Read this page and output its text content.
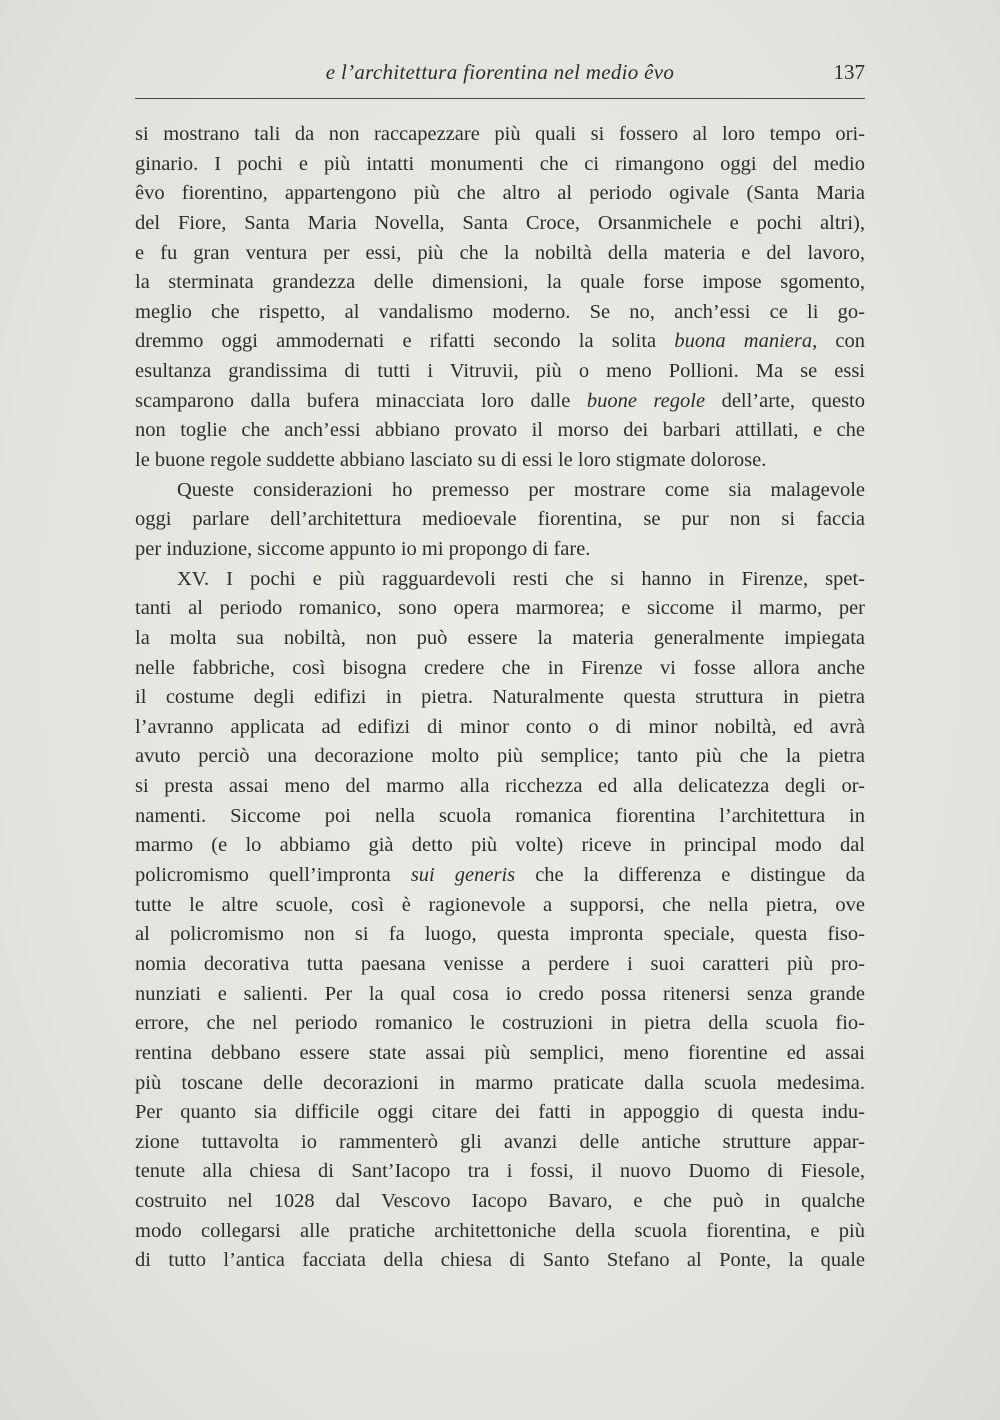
e l’architettura fiorentina nel medio êvo	137
si mostrano tali da non raccapezzare più quali si fossero al loro tempo ori-
ginario. I pochi e più intatti monumenti che ci rimangono oggi del medio
êvo fiorentino, appartengono più che altro al periodo ogivale (Santa Maria
del Fiore, Santa Maria Novella, Santa Croce, Orsanmichele e pochi altri),
e fu gran ventura per essi, più che la nobiltà della materia e del lavoro,
la sterminata grandezza delle dimensioni, la quale forse impose sgomento,
meglio che rispetto, al vandalismo moderno. Se no, anch’essi ce li go-
dremmo oggi ammodernati e rifatti secondo la solita buona maniera, con
esultanza grandissima di tutti i Vitruvii, più o meno Pollioni. Ma se essi
scamparono dalla bufera minacciata loro dalle buone regole dell’arte, questo
non toglie che anch’essi abbiano provato il morso dei barbari attillati, e che
le buone regole suddette abbiano lasciato su di essi le loro stigmate dolorose.
Queste considerazioni ho premesso per mostrare come sia malagevole
oggi parlare dell’architettura medioevale fiorentina, se pur non si faccia
per induzione, siccome appunto io mi propongo di fare.
XV. I pochi e più ragguardevoli resti che si hanno in Firenze, spet-
tanti al periodo romanico, sono opera marmorea; e siccome il marmo, per
la molta sua nobiltà, non può essere la materia generalmente impiegata
nelle fabbriche, così bisogna credere che in Firenze vi fosse allora anche
il costume degli edifizi in pietra. Naturalmente questa struttura in pietra
l’avranno applicata ad edifizi di minor conto o di minor nobiltà, ed avrà
avuto perciò una decorazione molto più semplice; tanto più che la pietra
si presta assai meno del marmo alla ricchezza ed alla delicatezza degli or-
namenti. Siccome poi nella scuola romanica fiorentina l’architettura in
marmo (e lo abbiamo già detto più volte) riceve in principal modo dal
policromismo quell’impronta sui generis che la differenza e distingue da
tutte le altre scuole, così è ragionevole a supporsi, che nella pietra, ove
al policromismo non si fa luogo, questa impronta speciale, questa fiso-
nomia decorativa tutta paesana venisse a perdere i suoi caratteri più pro-
nunziati e salienti. Per la qual cosa io credo possa ritenersi senza grande
errore, che nel periodo romanico le costruzioni in pietra della scuola fio-
rentina debbano essere state assai più semplici, meno fiorentine ed assai
più toscane delle decorazioni in marmo praticate dalla scuola medesima.
Per quanto sia difficile oggi citare dei fatti in appoggio di questa indu-
zione tuttavolta io rammenterò gli avanzi delle antiche strutture appar-
tenute alla chiesa di Sant’Iacopo tra i fossi, il nuovo Duomo di Fiesole,
costruito nel 1028 dal Vescovo Iacopo Bavaro, e che può in qualche
modo collegarsi alle pratiche architettoniche della scuola fiorentina, e più
di tutto l’antica facciata della chiesa di Santo Stefano al Ponte, la quale
